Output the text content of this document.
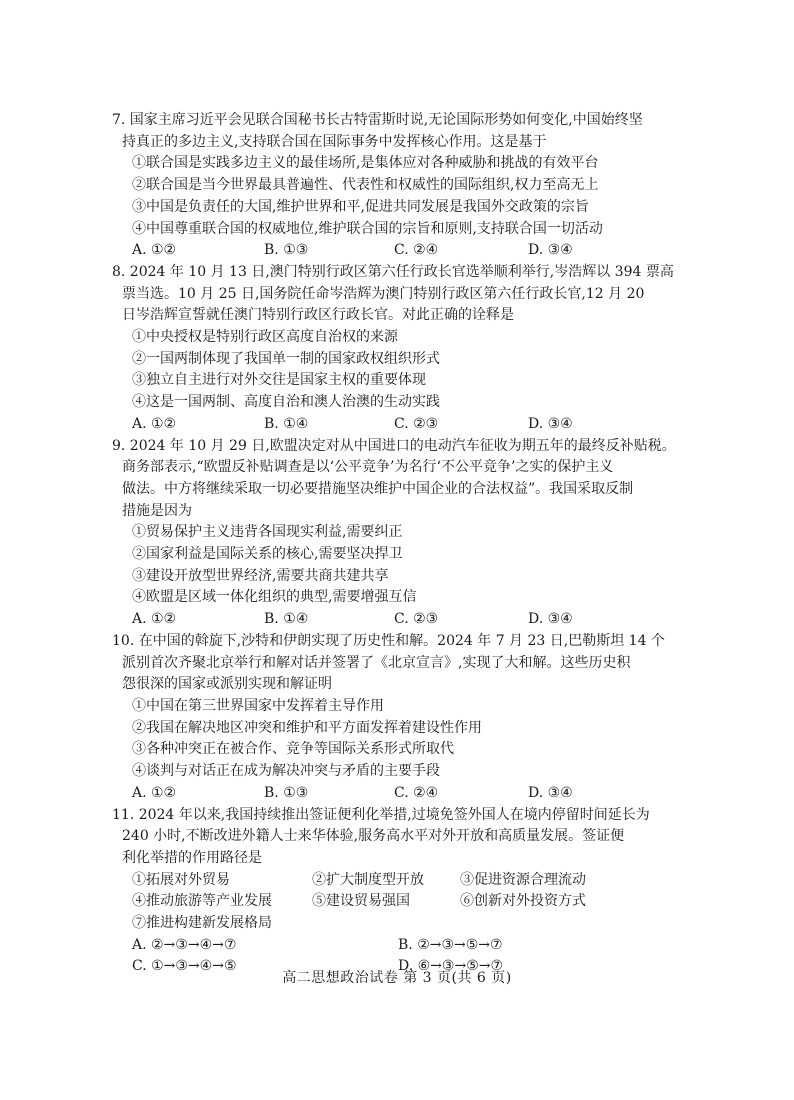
7. 国家主席习近平会见联合国秘书长古特雷斯时说,无论国际形势如何变化,中国始终坚
持真正的多边主义,支持联合国在国际事务中发挥核心作用。这是基于
①联合国是实践多边主义的最佳场所,是集体应对各种威胁和挑战的有效平台
②联合国是当今世界最具普遍性、代表性和权威性的国际组织,权力至高无上
③中国是负责任的大国,维护世界和平,促进共同发展是我国外交政策的宗旨
④中国尊重联合国的权威地位,维护联合国的宗旨和原则,支持联合国一切活动
A. ①②	B. ①③	C. ②④	D. ③④
8. 2024 年 10 月 13 日,澳门特别行政区第六任行政长官选举顺利举行,岑浩辉以 394 票高
票当选。10 月 25 日,国务院任命岑浩辉为澳门特别行政区第六任行政长官,12 月 20
日岑浩辉宣誓就任澳门特别行政区行政长官。对此正确的诠释是
①中央授权是特别行政区高度自治权的来源
②一国两制体现了我国单一制的国家政权组织形式
③独立自主进行对外交往是国家主权的重要体现
④这是一国两制、高度自治和澳人治澳的生动实践
A. ①②	B. ①④	C. ②③	D. ③④
9. 2024 年 10 月 29 日,欧盟决定对从中国进口的电动汽车征收为期五年的最终反补贴税。
商务部表示,“欧盟反补贴调查是以‘公平竞争’为名行‘不公平竞争’之实的保护主义
做法。中方将继续采取一切必要措施坚决维护中国企业的合法权益”。我国采取反制
措施是因为
①贸易保护主义违背各国现实利益,需要纠正
②国家利益是国际关系的核心,需要坚决捍卫
③建设开放型世界经济,需要共商共建共享
④欧盟是区域一体化组织的典型,需要增强互信
A. ①②	B. ①④	C. ②③	D. ③④
10. 在中国的斡旋下,沙特和伊朗实现了历史性和解。2024 年 7 月 23 日,巴勒斯坦 14 个
派别首次齐聚北京举行和解对话并签署了《北京宣言》,实现了大和解。这些历史积
怨很深的国家或派别实现和解证明
①中国在第三世界国家中发挥着主导作用
②我国在解决地区冲突和维护和平方面发挥着建设性作用
③各种冲突正在被合作、竞争等国际关系形式所取代
④谈判与对话正在成为解决冲突与矛盾的主要手段
A. ①②	B. ①③	C. ②④	D. ③④
11. 2024 年以来,我国持续推出签证便利化举措,过境免签外国人在境内停留时间延长为
240 小时,不断改进外籍人士来华体验,服务高水平对外开放和高质量发展。签证便
利化举措的作用路径是
①拓展对外贸易	②扩大制度型开放	③促进资源合理流动
④推动旅游等产业发展	⑤建设贸易强国	⑥创新对外投资方式
⑦推进构建新发展格局
A. ②→③→④→⑦	B. ②→③→⑤→⑦
C. ①→③→④→⑤	D. ⑥→③→⑤→⑦
高二思想政治试卷 第 3 页(共 6 页)
